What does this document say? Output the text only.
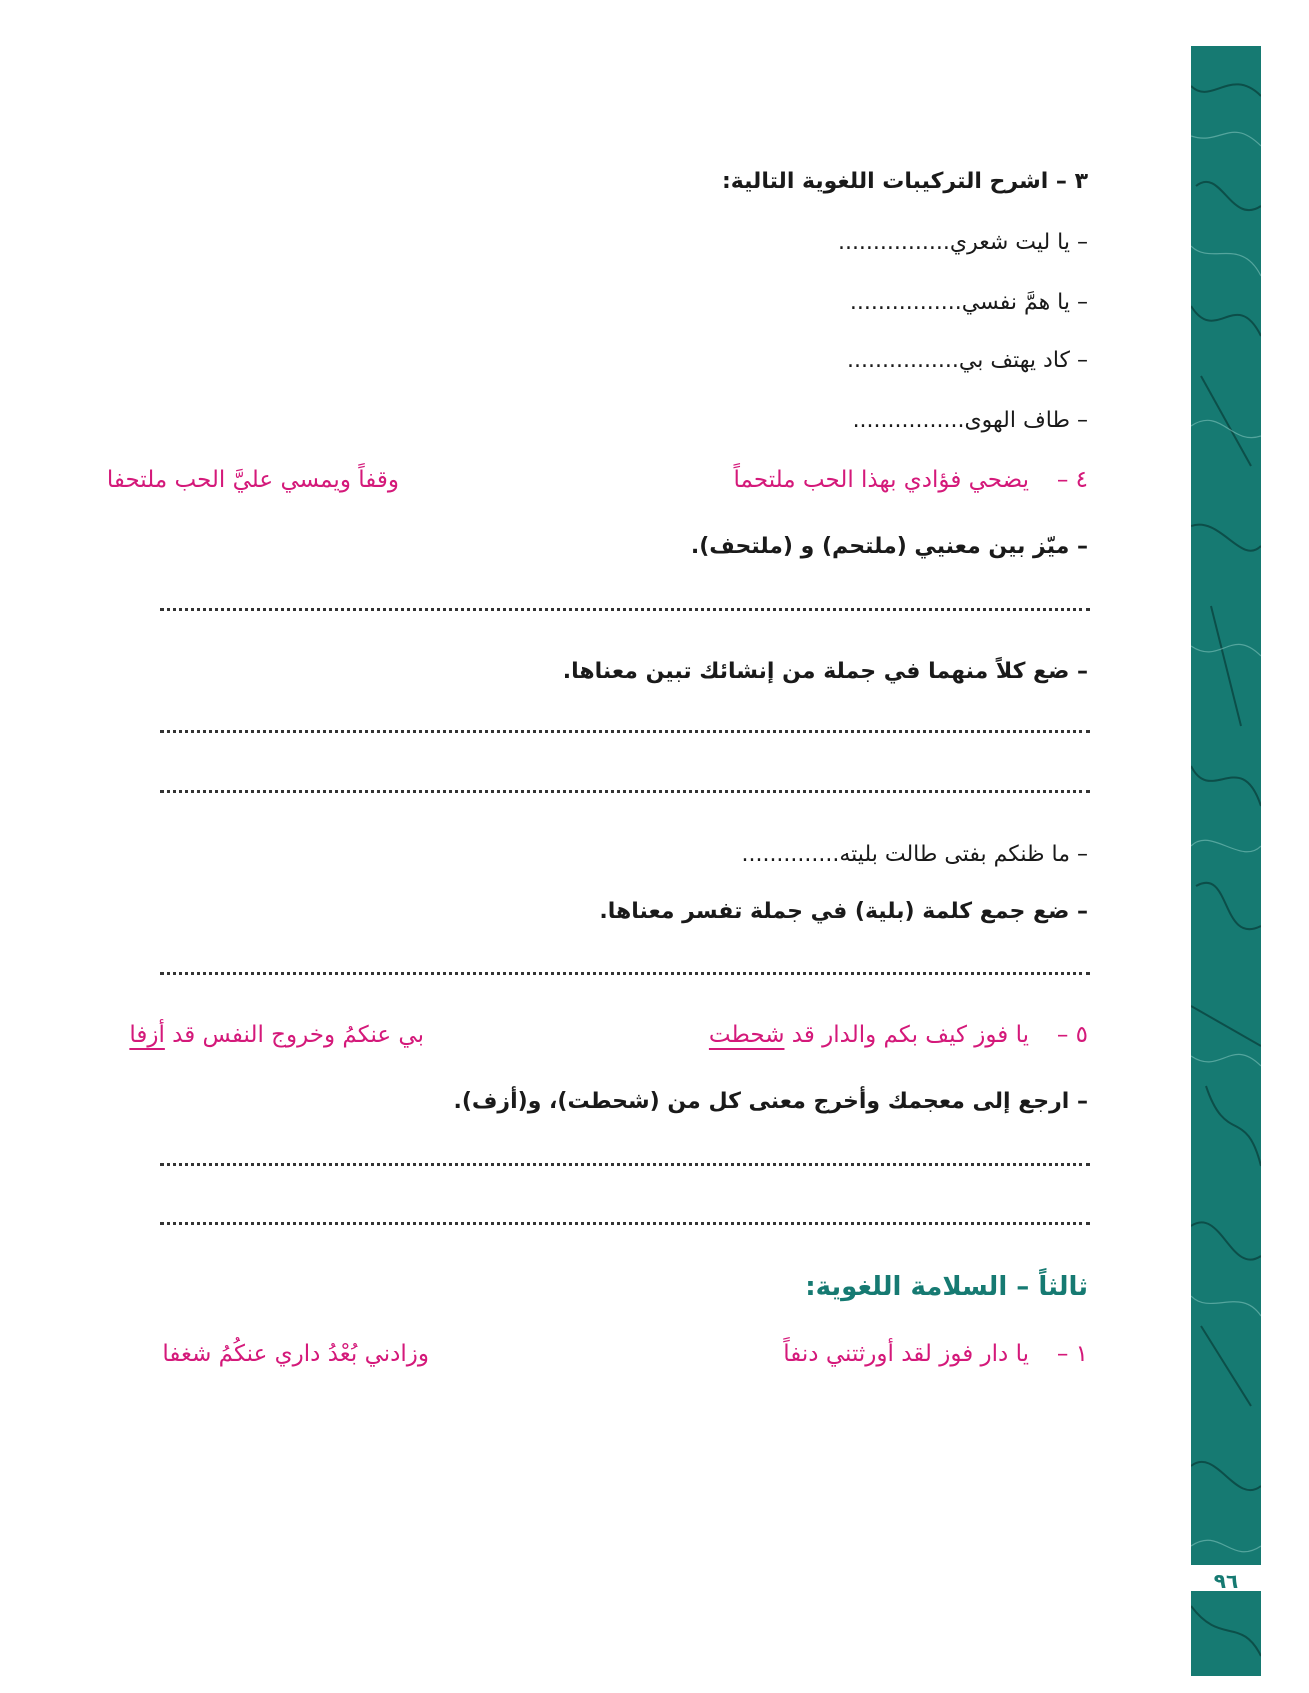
٩٦
٣ – اشرح التركيبات اللغوية التالية:
– يا ليت شعري................
– يا همَّ نفسي................
– كاد يهتف بي................
– طاف الهوى................
٤ –
يضحي فؤادي بهذا الحب ملتحماً
وقفاً ويمسي عليَّ الحب ملتحفا
– ميّز بين معنيي (ملتحم) و (ملتحف).
– ضع كلاً منهما في جملة من إنشائك تبين معناها.
– ما ظنكم بفتى طالت بليته..............
– ضع جمع كلمة (بلية) في جملة تفسر معناها.
٥ –
يا فوز كيف بكم والدار قد شحطت
بي عنكمُ وخروج النفس قد أزفا
– ارجع إلى معجمك وأخرج معنى كل من (شحطت)، و(أزف).
ثالثاً – السلامة اللغوية:
١ –
يا دار فوز لقد أورثتني دنفاً
وزادني بُعْدُ داري عنكُمُ شغفا
